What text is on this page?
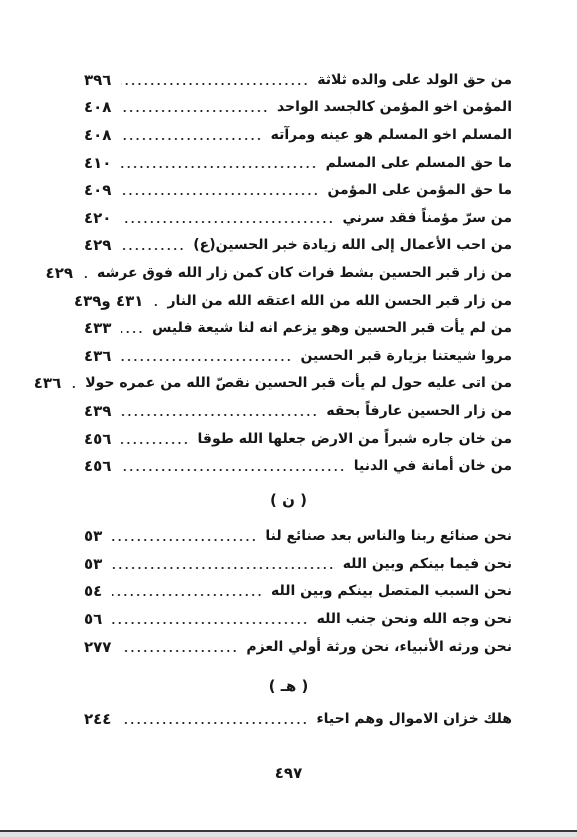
من حق الولد على والده ثلاثة
٣٩٦
المؤمن اخو المؤمن كالجسد الواحد
٤٠٨
المسلم اخو المسلم هو عينه ومرآته
٤٠٨
ما حق المسلم على المسلم
٤١٠
ما حق المؤمن على المؤمن
٤٠٩
من سرّ مؤمناً فقد سرني
٤٢٠
من احب الأعمال إلى الله زيادة خبر الحسين(ع)
٤٢٩
من زار قبر الحسين بشط فرات كان كمن زار الله فوق عرشه
٤٢٩
من زار قبر الحسن الله من الله اعتقه الله من النار
٤٣١ و٤٣٩
من لم يأت قبر الحسين وهو يزعم انه لنا شيعة فليس
٤٣٣
مروا شيعتنا بزيارة قبر الحسين
٤٣٦
من اتى عليه حول لم يأت قبر الحسين نقصّ الله من عمره حولا
٤٣٦
من زار الحسين عارفاً بحقه
٤٣٩
من خان جاره شبراً من الارض جعلها الله طوقا
٤٥٦
من خان أمانة في الدنيا
٤٥٦
( ن )
نحن صنائع ربنا والناس بعد صنائع لنا
٥٣
نحن فيما بينكم وبين الله
٥٣
نحن السبب المتصل بينكم وبين الله
٥٤
نحن وجه الله ونحن جنب الله
٥٦
نحن ورثه الأنبياء، نحن ورثة أولي العزم
٢٧٧
( هـ )
هلك خزان الاموال وهم احياء
٢٤٤
٤٩٧
